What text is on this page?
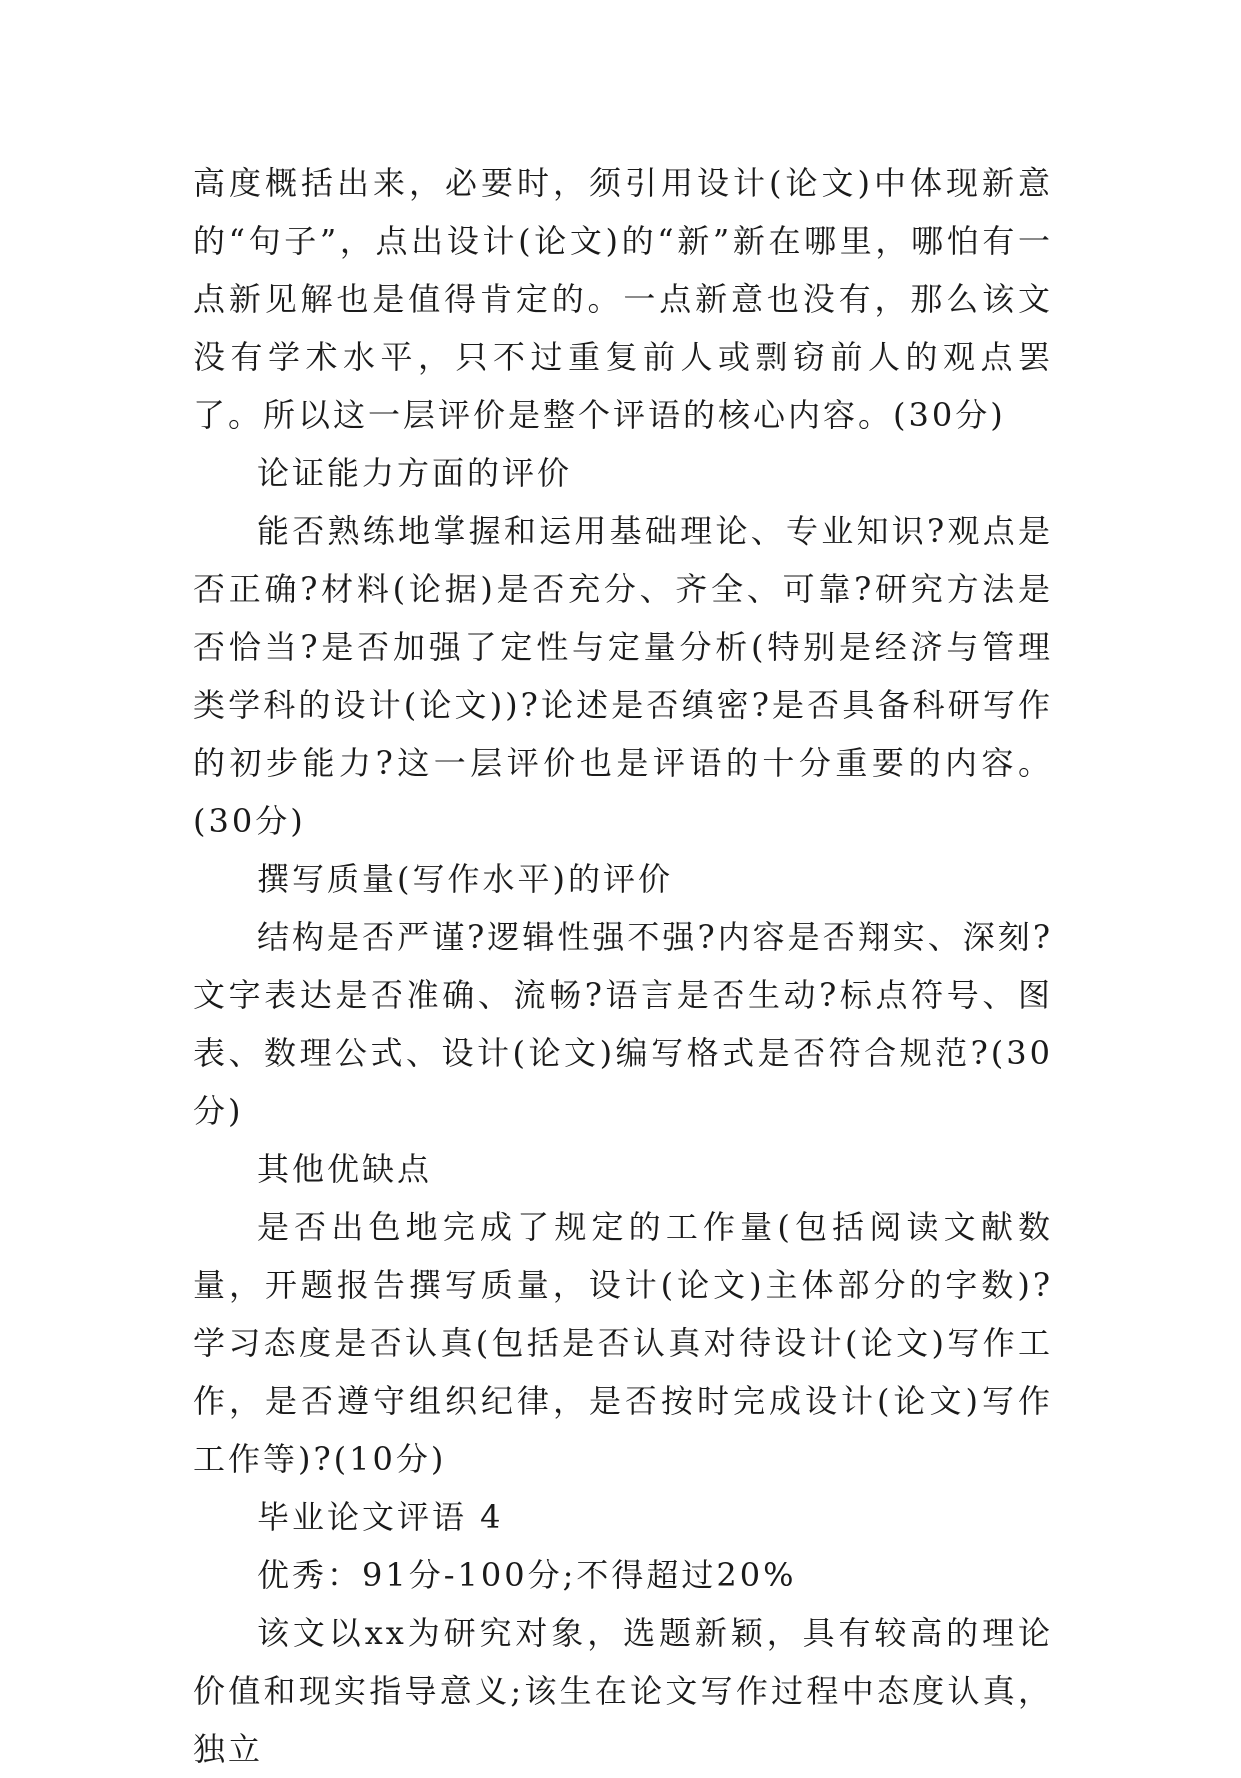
高度概括出来，必要时，须引用设计(论文)中体现新意的“句子”，点出设计(论文)的“新”新在哪里，哪怕有一点新见解也是值得肯定的。一点新意也没有，那么该文没有学术水平，只不过重复前人或剽窃前人的观点罢了。所以这一层评价是整个评语的核心内容。(30分)

论证能力方面的评价

能否熟练地掌握和运用基础理论、专业知识?观点是否正确?材料(论据)是否充分、齐全、可靠?研究方法是否恰当?是否加强了定性与定量分析(特别是经济与管理类学科的设计(论文))?论述是否缜密?是否具备科研写作的初步能力?这一层评价也是评语的十分重要的内容。(30分)

撰写质量(写作水平)的评价

结构是否严谨?逻辑性强不强?内容是否翔实、深刻?文字表达是否准确、流畅?语言是否生动?标点符号、图表、数理公式、设计(论文)编写格式是否符合规范?(30分)

其他优缺点

是否出色地完成了规定的工作量(包括阅读文献数量，开题报告撰写质量，设计(论文)主体部分的字数)?学习态度是否认真(包括是否认真对待设计(论文)写作工作，是否遵守组织纪律，是否按时完成设计(论文)写作工作等)?(10分)

毕业论文评语 4

优秀：91分-100分;不得超过20%

该文以xx为研究对象，选题新颖，具有较高的理论价值和现实指导意义;该生在论文写作过程中态度认真，独立
